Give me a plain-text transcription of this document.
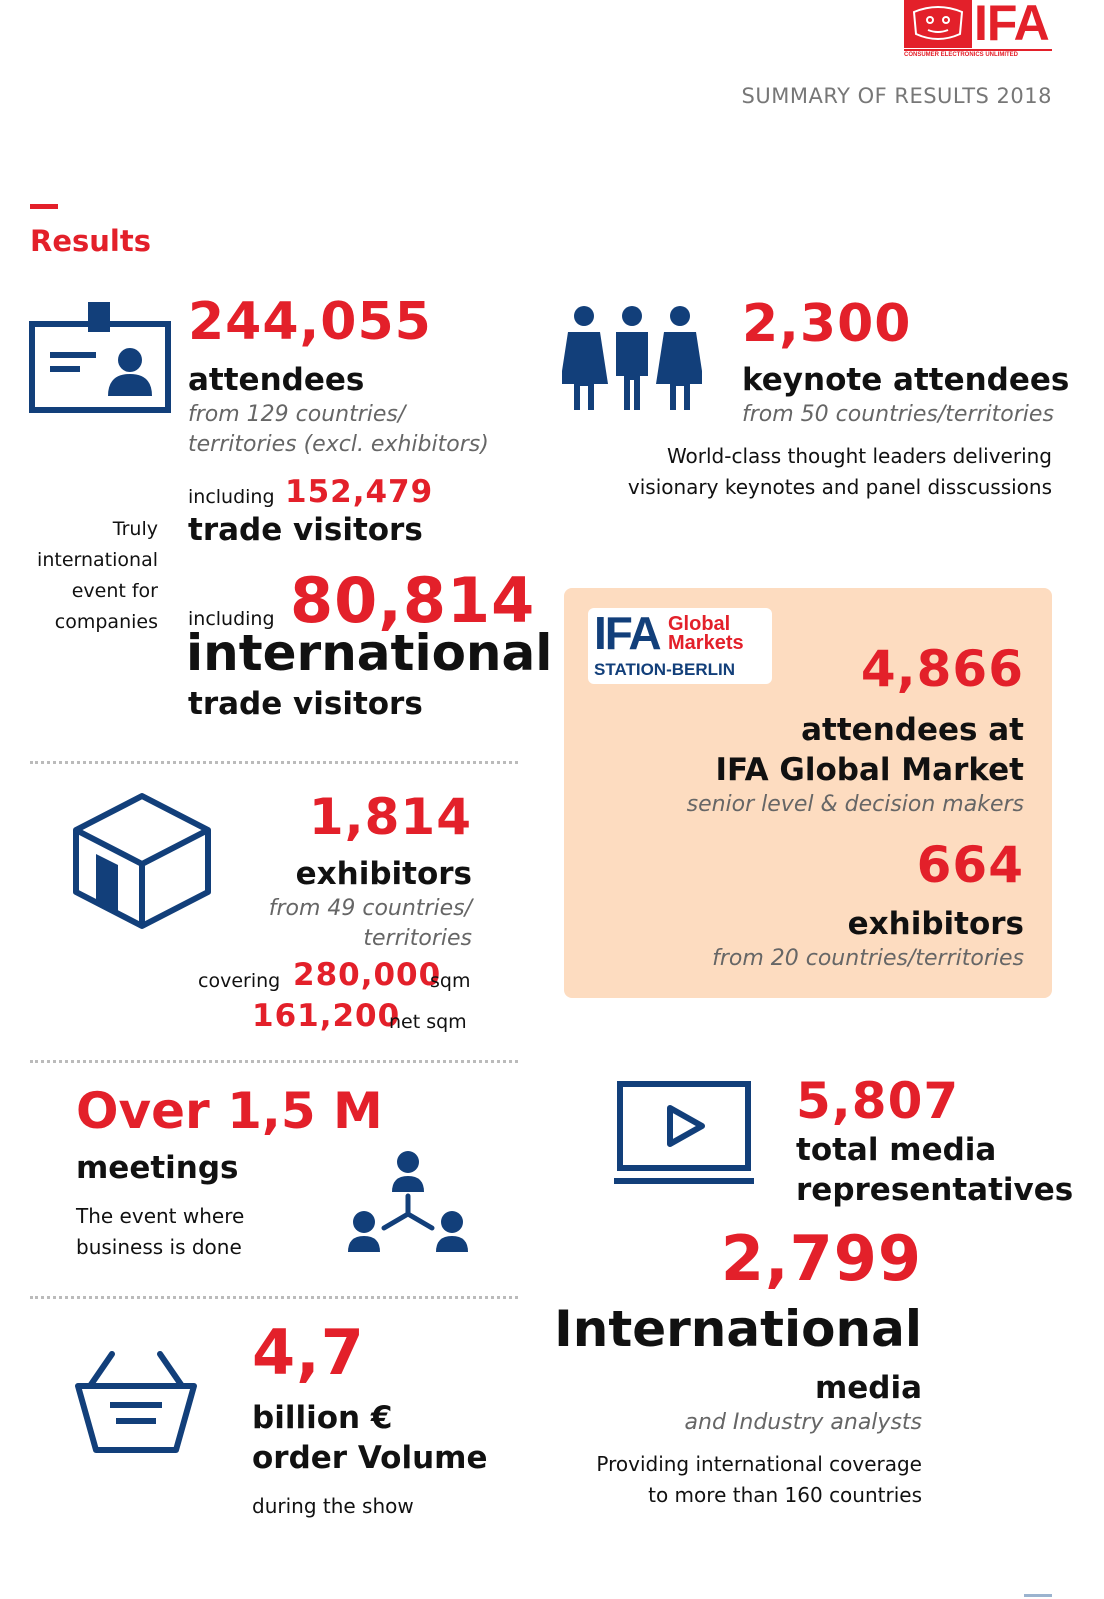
IFA
CONSUMER ELECTRONICS UNLIMITED
SUMMARY OF RESULTS 2018
Results
244,055
attendees
from 129 countries/
territories (excl. exhibitors)
including 152,479
trade visitors
Truly
international
event for
companies including 80,814
international
trade visitors
2,300
keynote attendees
from 50 countries/territories
World-class thought leaders delivering
visionary keynotes and panel disscussions
IFA Global
Markets
STATION-BERLIN	4,866
attendees at
IFA Global Market
senior level & decision makers
664
exhibitors
from 20 countries/territories
1,814
exhibitors
from 49 countries/
territories
covering 280,000
sqm
161,200
net sqm
Over 1,5 M
meetings
The event where
business is done
4,7
billion €
order Volume
during the show
5,807
total media
representatives
2,799
International
media
and Industry analysts
Providing international coverage
to more than 160 countries
